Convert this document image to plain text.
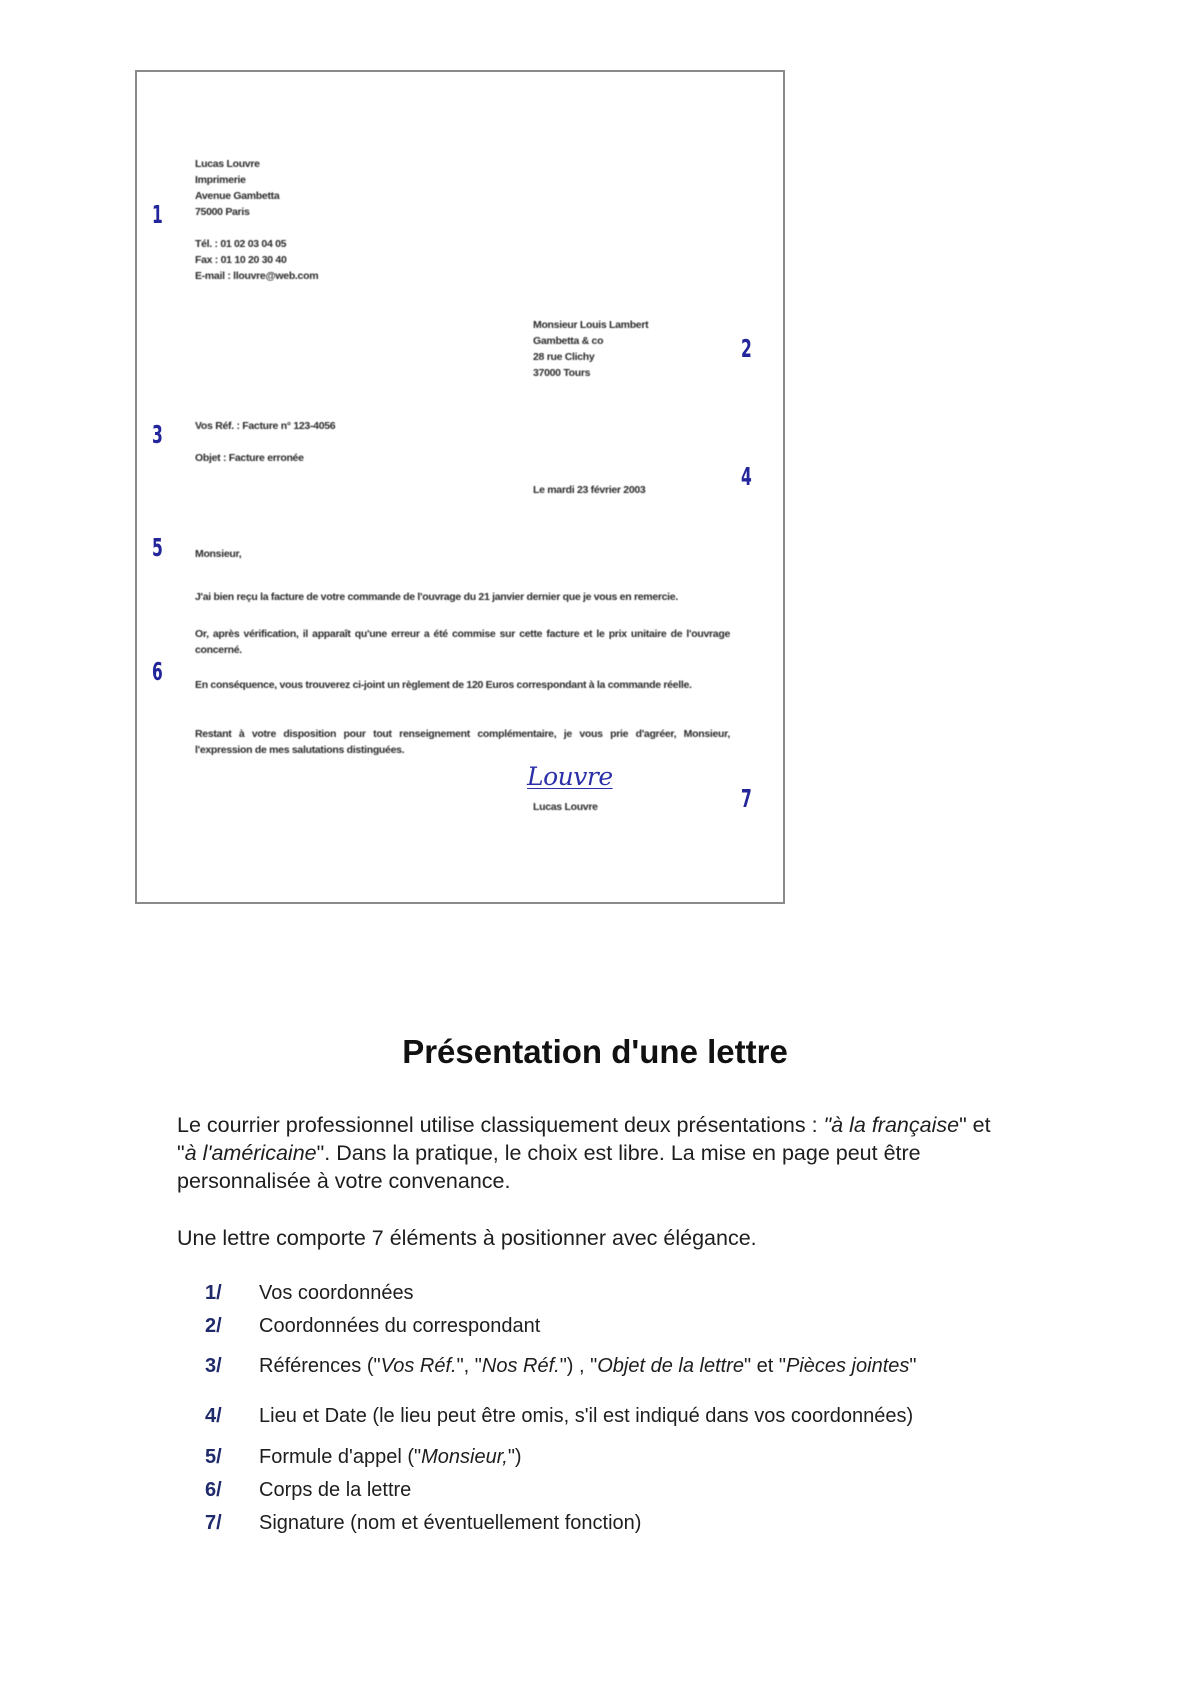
Lucas Louvre
Imprimerie
Avenue Gambetta
75000 Paris
Tél. : 01 02 03 04 05
Fax : 01 10 20 30 40
E-mail : llouvre@web.com
Monsieur Louis Lambert
Gambetta & co
28 rue Clichy
37000 Tours
Vos Réf. : Facture n° 123-4056
Objet : Facture erronée
Le mardi 23 février 2003
Monsieur,
J'ai bien reçu la facture de votre commande de l'ouvrage du 21 janvier dernier que je vous en remercie.
Or, après vérification, il apparaît qu'une erreur a été commise sur cette facture et le prix unitaire de l'ouvrage concerné.
En conséquence, vous trouverez ci-joint un règlement de 120 Euros correspondant à la commande réelle.
Restant à votre disposition pour tout renseignement complémentaire, je vous prie d'agréer, Monsieur, l'expression de mes salutations distinguées.
Louvre
Lucas Louvre
1
2
3
4
5
6
7
Présentation d'une lettre

Le courrier professionnel utilise classiquement deux présentations : "à la française" et "à l'américaine". Dans la pratique, le choix est libre. La mise en page peut être personnalisée à votre convenance.

Une lettre comporte 7 éléments à positionner avec élégance.

1/ Vos coordonnées
2/ Coordonnées du correspondant
3/ Références ("Vos Réf.", "Nos Réf.") , "Objet de la lettre" et "Pièces jointes"
4/ Lieu et Date (le lieu peut être omis, s'il est indiqué dans vos coordonnées)
5/ Formule d'appel ("Monsieur,")
6/ Corps de la lettre
7/ Signature (nom et éventuellement fonction)
